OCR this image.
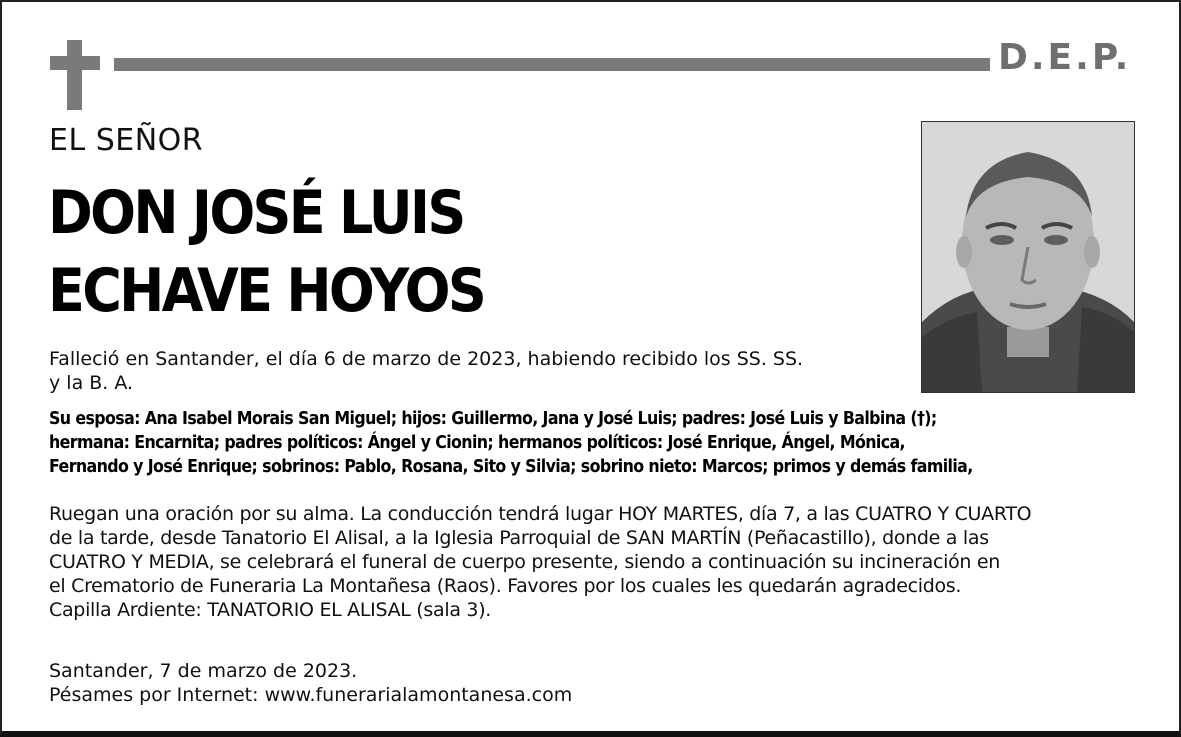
D.E.P.
EL SEÑOR
DON JOSÉ LUIS
ECHAVE HOYOS
Falleció en Santander, el día 6 de marzo de 2023, habiendo recibido los SS. SS.
y la B. A.
Su esposa: Ana Isabel Morais San Miguel; hijos: Guillermo, Jana y José Luis; padres: José Luis y Balbina (†);
hermana: Encarnita; padres políticos: Ángel y Cionin; hermanos políticos: José Enrique, Ángel, Mónica,
Fernando y José Enrique; sobrinos: Pablo, Rosana, Sito y Silvia; sobrino nieto: Marcos; primos y demás familia,
Ruegan una oración por su alma. La conducción tendrá lugar HOY MARTES, día 7, a las CUATRO Y CUARTO
de la tarde, desde Tanatorio El Alisal, a la Iglesia Parroquial de SAN MARTÍN (Peñacastillo), donde a las
CUATRO Y MEDIA, se celebrará el funeral de cuerpo presente, siendo a continuación su incineración en
el Crematorio de Funeraria La Montañesa (Raos). Favores por los cuales les quedarán agradecidos.
Capilla Ardiente: TANATORIO EL ALISAL (sala 3).
Santander, 7 de marzo de 2023.
Pésames por Internet: www.funerarialamontanesa.com
